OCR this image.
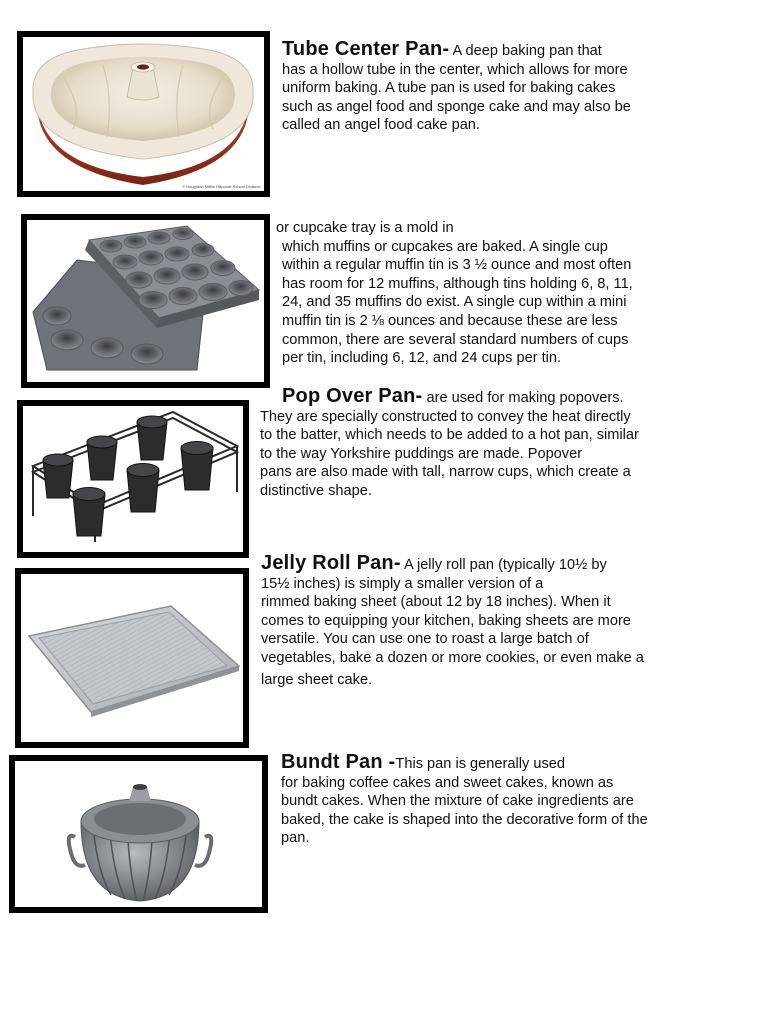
© Houghton Mifflin Harcourt School Division
Tube Center Pan- A deep baking pan that
has a hollow tube in the center, which allows for more
uniform baking. A tube pan is used for baking cakes
such as angel food and sponge cake and may also be
called an angel food cake pan.
or cupcake tray is a mold in
which muffins or cupcakes are baked. A single cup
within a regular muffin tin is 3 ½ ounce and most often
has room for 12 muffins, although tins holding 6, 8, 11,
24, and 35 muffins do exist. A single cup within a mini
muffin tin is 2 ⅛ ounces and because these are less
common, there are several standard numbers of cups
per tin, including 6, 12, and 24 cups per tin.
Pop Over Pan- are used for making popovers.
They are specially constructed to convey the heat directly
to the batter, which needs to be added to a hot pan, similar
to the way Yorkshire puddings are made. Popover
pans are also made with tall, narrow cups, which create a
distinctive shape.
Jelly Roll Pan- A jelly roll pan (typically 10½ by
15½ inches) is simply a smaller version of a
rimmed baking sheet (about 12 by 18 inches). When it
comes to equipping your kitchen, baking sheets are more
versatile. You can use one to roast a large batch of
vegetables, bake a dozen or more cookies, or even make a
large sheet cake.
Bundt Pan -This pan is generally used
for baking coffee cakes and sweet cakes, known as
bundt cakes. When the mixture of cake ingredients are
baked, the cake is shaped into the decorative form of the
pan.
